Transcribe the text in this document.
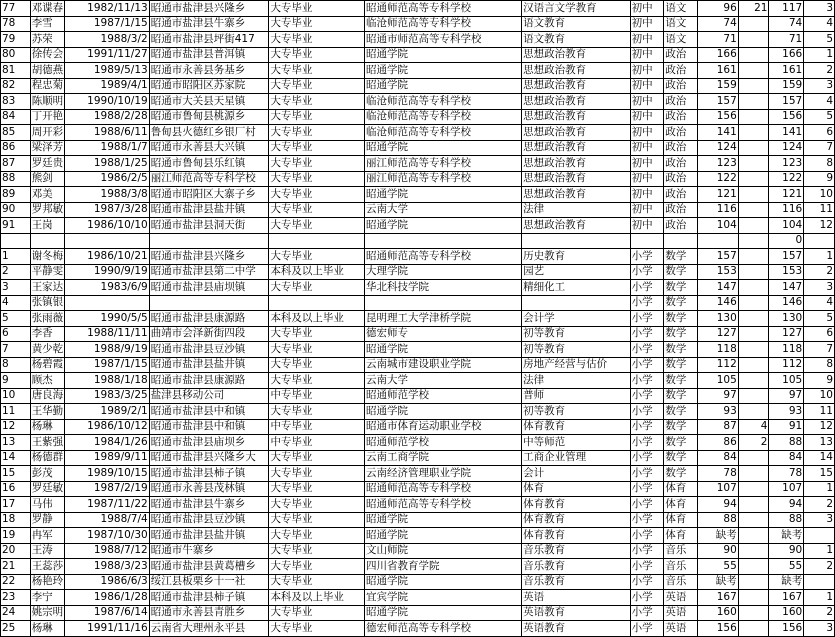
77	邓谍春	1982/11/13	昭通市盐津县兴隆乡	大专毕业	昭通师范高等专科学校	汉语言文学教育	初中	语文	96	21	117	3
78	李雪	1987/1/15	昭通市盐津县牛寨乡	大专毕业	临沧师范高等专科学校	语文教育	初中	语文	74		74	4
79	苏荣	1988/3/2	昭通市盐津县坪街417	大专毕业	昭通市师范高等专科学校	语文教育	初中	语文	71		71	5
80	徐传会	1991/11/27	昭通市盐津县普洱镇	大专毕业	昭通学院	思想政治教育	初中	政治	166		166	1
81	胡德燕	1989/5/13	昭通市永善县务基乡	大专毕业	昭通学院	思想政治教育	初中	政治	161		161	2
82	程忠菊	1989/4/1	昭通市昭阳区苏家院	大专毕业	昭通学院	思想政治教育	初中	政治	159		159	3
83	陈顺明	1990/10/19	昭通市大关县天星镇	大专毕业	临沧师范高等专科学校	思想政治教育	初中	政治	157		157	4
84	丁开艳	1988/2/28	昭通市鲁甸县桃源乡	大专毕业	临沧师范高等专科学校	思想政治教育	初中	政治	156		156	5
85	周开彩	1988/6/11	鲁甸县火德红乡银厂村	大专毕业	临沧师范高等专科学校	思想政治教育	初中	政治	141		141	6
86	梁泽芳	1988/1/7	昭通市永善县大兴镇	大专毕业	昭通学院	思想政治教育	初中	政治	124		124	7
87	罗廷贵	1988/1/25	昭通市鲁甸县乐红镇	大专毕业	丽江师范高等专科学校	思想政治教育	初中	政治	123		123	8
88	熊剑	1986/2/5	丽江师范高等专科学校	大专毕业	丽江师范高等专科学校	思想政治教育	初中	政治	122		122	9
89	邓美	1988/3/8	昭通市昭阳区大寨子乡	大专毕业	昭通学院	思想政治教育	初中	政治	121		121	10
90	罗邦敏	1987/3/28	昭通市盐津县盐井镇	大专毕业	云南大学	法律	初中	政治	116		116	11
91	王岗	1986/10/10	昭通市盐津县洞天街	大专毕业	昭通学院	思想政治教育	初中	政治	104		104	12
											0	
1	谢冬梅	1986/10/21	昭通市盐津县兴隆乡	大专毕业	昭通师范高等专科学校	历史教育	小学	数学	157		157	1
2	平静雯	1990/9/19	昭通市盐津县第二中学	本科及以上毕业	大理学院	园艺	小学	数学	153		153	2
3	王家达	1983/6/9	昭通市盐津县庙坝镇	大专毕业	华北科技学院	精细化工	小学	数学	147		147	3
4	张镇银						小学	数学	146		146	4
5	张雨薇	1990/5/5	昭通市盐津县康源路	本科及以上毕业	昆明理工大学津桥学院	会计学	小学	数学	130		130	5
6	李香	1988/11/11	曲靖市会泽新街四段	大专毕业	德宏师专	初等教育	小学	数学	127		127	6
7	黄少乾	1988/9/19	昭通市盐津县豆沙镇	大专毕业	昭通学院	初等教育	小学	数学	118		118	7
8	杨碧霞	1987/1/15	昭通市盐津县盐井镇	大专毕业	云南城市建设职业学院	房地产经营与估价	小学	数学	112		112	8
9	顾杰	1988/1/18	昭通市盐津县康源路	大专毕业	云南大学	法律	小学	数学	105		105	9
10	唐良海	1983/3/25	盐津县移动公司	中专毕业	昭通师范学校	普师	小学	数学	97		97	10
11	王华勤	1989/2/1	昭通市盐津县中和镇	大专毕业	昭通学院	初等教育	小学	数学	93		93	11
12	杨琳	1986/10/12	昭通市盐津县中和镇	中专毕业	昭通市体育运动职业学校	体育教育	小学	数学	87	4	91	12
13	王紫强	1984/1/26	昭通市盐津县庙坝乡	中专毕业	昭通师范学校	中等师范	小学	数学	86	2	88	13
14	杨德群	1989/9/11	昭通市盐津县兴隆乡大	大专毕业	云南工商学院	工商企业管理	小学	数学	84		84	14
15	彭茂	1989/10/15	昭通市盐津县柿子镇	大专毕业	云南经济管理职业学院	会计	小学	数学	78		78	15
16	罗廷敏	1987/2/19	昭通市永善县茂林镇	大专毕业	昭通师范高等专科学校	体育	小学	体育	107		107	1
17	马伟	1987/11/22	昭通市盐津县牛寨乡	大专毕业	昭通师范高等专科学校	体育教育	小学	体育	94		94	2
18	罗静	1988/7/4	昭通市盐津县豆沙镇	大专毕业	昭通学院	体育教育	小学	体育	88		88	3
19	冉军	1987/10/30	昭通市盐津县盐井镇	大专毕业	昭通学院	体育教育	小学	体育	缺考		缺考	
20	王涛	1988/7/12	昭通市牛寨乡	大专毕业	文山师院	音乐教育	小学	音乐	90		90	1
21	王蕊莎	1988/3/23	昭通市盐津县黄葛槽乡	大专毕业	四川省教育学院	音乐教育	小学	音乐	55		55	2
22	杨艳玲	1986/6/3	绥江县板栗乡十一社	大专毕业	昭通学院	音乐教育	小学	音乐	缺考		缺考	
23	李宁	1986/1/28	昭通市盐津县柿子镇	本科及以上毕业	宜宾学院	英语	小学	英语	167		167	1
24	姚宗明	1987/6/14	昭通市永善县青胜乡	大专毕业	昭通学院	英语教育	小学	英语	160		160	2
25	杨琳	1991/11/16	云南省大理州永平县	大专毕业	德宏师范高等专科学校	英语教育	小学	英语	156		156	3
